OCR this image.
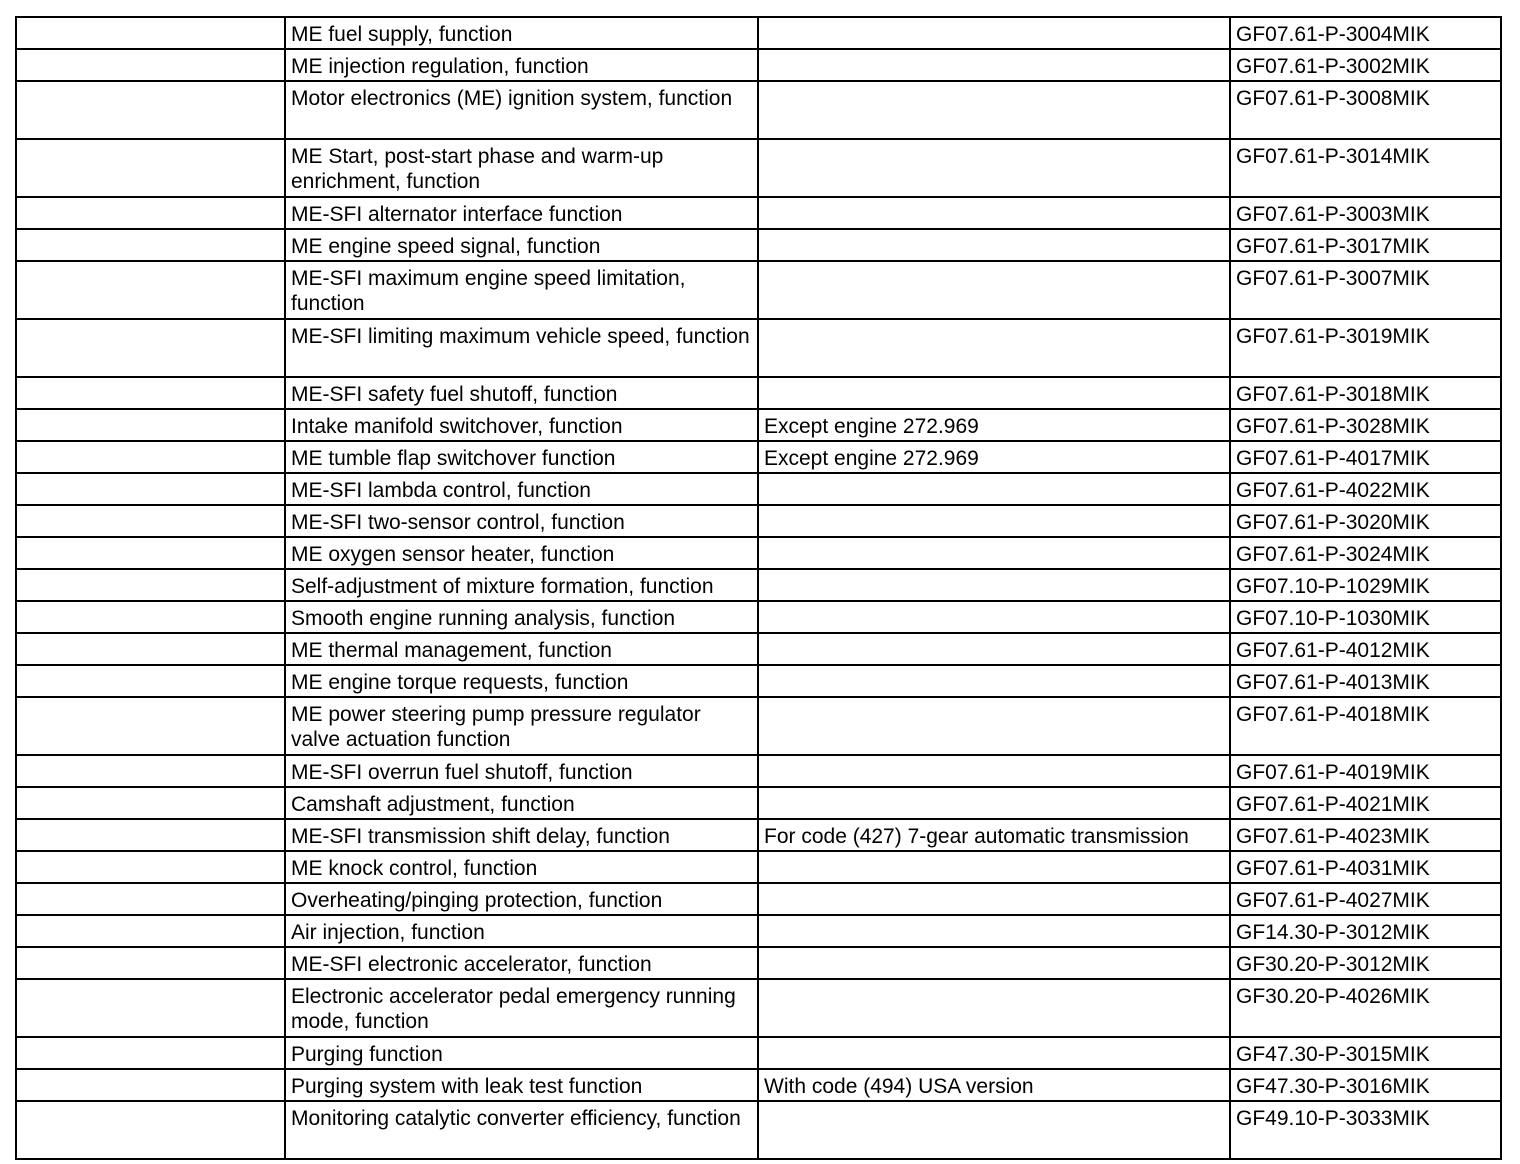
	ME fuel supply, function		GF07.61-P-3004MIK
	ME injection regulation, function		GF07.61-P-3002MIK
	Motor electronics (ME) ignition system, function		GF07.61-P-3008MIK
	ME Start, post-start phase and warm-up enrichment, function		GF07.61-P-3014MIK
	ME-SFI alternator interface function		GF07.61-P-3003MIK
	ME engine speed signal, function		GF07.61-P-3017MIK
	ME-SFI maximum engine speed limitation, function		GF07.61-P-3007MIK
	ME-SFI limiting maximum vehicle speed, function		GF07.61-P-3019MIK
	ME-SFI safety fuel shutoff, function		GF07.61-P-3018MIK
	Intake manifold switchover, function	Except engine 272.969	GF07.61-P-3028MIK
	ME tumble flap switchover function	Except engine 272.969	GF07.61-P-4017MIK
	ME-SFI lambda control, function		GF07.61-P-4022MIK
	ME-SFI two-sensor control, function		GF07.61-P-3020MIK
	ME oxygen sensor heater, function		GF07.61-P-3024MIK
	Self-adjustment of mixture formation, function		GF07.10-P-1029MIK
	Smooth engine running analysis, function		GF07.10-P-1030MIK
	ME thermal management, function		GF07.61-P-4012MIK
	ME engine torque requests, function		GF07.61-P-4013MIK
	ME power steering pump pressure regulator valve actuation function		GF07.61-P-4018MIK
	ME-SFI overrun fuel shutoff, function		GF07.61-P-4019MIK
	Camshaft adjustment, function		GF07.61-P-4021MIK
	ME-SFI transmission shift delay, function	For code (427) 7-gear automatic transmission	GF07.61-P-4023MIK
	ME knock control, function		GF07.61-P-4031MIK
	Overheating/pinging protection, function		GF07.61-P-4027MIK
	Air injection, function		GF14.30-P-3012MIK
	ME-SFI electronic accelerator, function		GF30.20-P-3012MIK
	Electronic accelerator pedal emergency running mode, function		GF30.20-P-4026MIK
	Purging function		GF47.30-P-3015MIK
	Purging system with leak test function	With code (494) USA version	GF47.30-P-3016MIK
	Monitoring catalytic converter efficiency, function		GF49.10-P-3033MIK
